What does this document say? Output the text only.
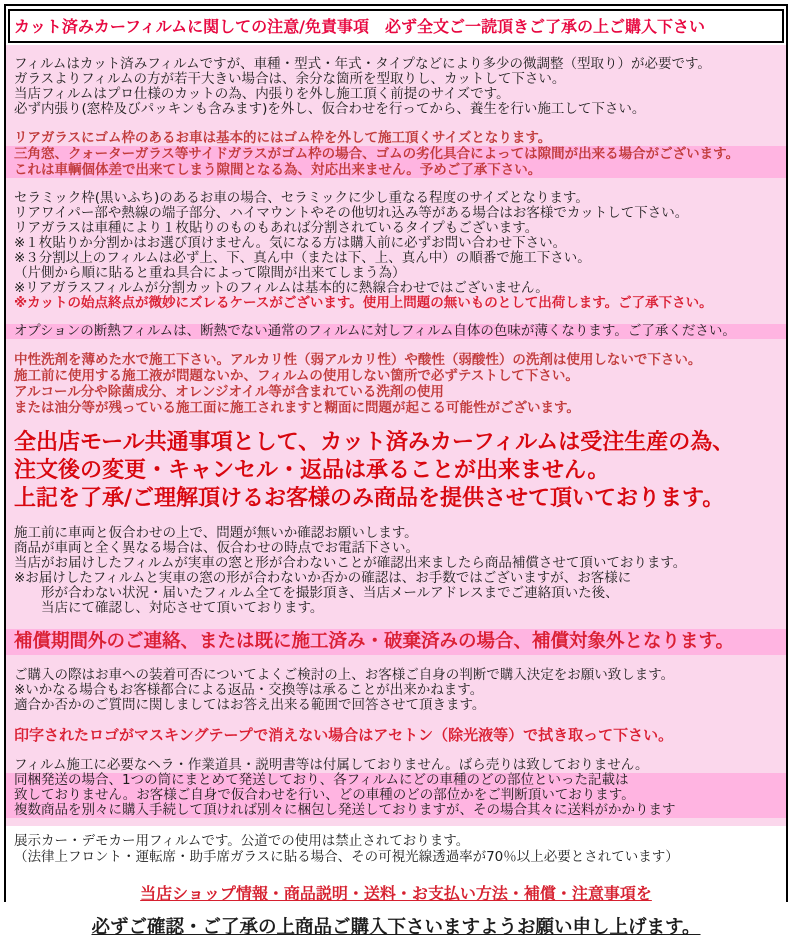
カット済みカーフィルムに関しての注意/免責事項　必ず全文ご一読頂きご了承の上ご購入下さい
フィルムはカット済みフィルムですが、車種・型式・年式・タイプなどにより多少の微調整（型取り）が必要です。
ガラスよりフィルムの方が若干大きい場合は、余分な箇所を型取りし、カットして下さい。
当店フィルムはプロ仕様のカットの為、内張りを外し施工頂く前提のサイズです。
必ず内張り(窓枠及びパッキンも含みます)を外し、仮合わせを行ってから、養生を行い施工して下さい。
リアガラスにゴム枠のあるお車は基本的にはゴム枠を外して施工頂くサイズとなります。
三角窓、クォーターガラス等サイドガラスがゴム枠の場合、ゴムの劣化具合によっては隙間が出来る場合がございます。
これは車輌個体差で出来てしまう隙間となる為、対応出来ません。予めご了承下さい。
セラミック枠(黒いふち)のあるお車の場合、セラミックに少し重なる程度のサイズとなります。
リアワイパー部や熱線の端子部分、ハイマウントやその他切れ込み等がある場合はお客様でカットして下さい。
リアガラスは車種により１枚貼りのものもあれば分割されているタイプもございます。
※１枚貼りか分割かはお選び頂けません。気になる方は購入前に必ずお問い合わせ下さい。
※３分割以上のフィルムは必ず上、下、真ん中（または下、上、真ん中）の順番で施工下さい。
（片側から順に貼ると重ね具合によって隙間が出来てしまう為）
※リアガラスフィルムが分割カットのフィルムは基本的に熱線合わせではございません。
※カットの始点終点が微妙にズレるケースがございます。使用上問題の無いものとして出荷します。ご了承下さい。
オプションの断熱フィルムは、断熱でない通常のフィルムに対しフィルム自体の色味が薄くなります。ご了承ください。
中性洗剤を薄めた水で施工下さい。アルカリ性（弱アルカリ性）や酸性（弱酸性）の洗剤は使用しないで下さい。
施工前に使用する施工液が問題ないか、フィルムの使用しない箇所で必ずテストして下さい。
アルコール分や除菌成分、オレンジオイル等が含まれている洗剤の使用
または油分等が残っている施工面に施工されますと糊面に問題が起こる可能性がございます。
全出店モール共通事項として、カット済みカーフィルムは受注生産の為、
注文後の変更・キャンセル・返品は承ることが出来ません。
上記を了承/ご理解頂けるお客様のみ商品を提供させて頂いております。
施工前に車両と仮合わせの上で、問題が無いか確認お願いします。
商品が車両と全く異なる場合は、仮合わせの時点でお電話下さい。
当店がお届けしたフィルムが実車の窓と形が合わないことが確認出来ましたら商品補償させて頂いております。
※お届けしたフィルムと実車の窓の形が合わないか否かの確認は、お手数ではございますが、お客様に
　　形が合わない状況・届いたフィルム全てを撮影頂き、当店メールアドレスまでご連絡頂いた後、
　　当店にて確認し、対応させて頂いております。
補償期間外のご連絡、または既に施工済み・破棄済みの場合、補償対象外となります。
ご購入の際はお車への装着可否についてよくご検討の上、お客様ご自身の判断で購入決定をお願い致します。
※いかなる場合もお客様都合による返品・交換等は承ることが出来かねます。
適合か否かのご質問に関しましてはお答え出来る範囲で回答させて頂きます。
印字されたロゴがマスキングテープで消えない場合はアセトン（除光液等）で拭き取って下さい。
フィルム施工に必要なヘラ・作業道具・説明書等は付属しておりません。ばら売りは致しておりません。
同梱発送の場合、1つの筒にまとめて発送しており、各フィルムにどの車種のどの部位といった記載は
致しておりません。お客様ご自身で仮合わせを行い、どの車種のどの部位かをご判断頂いております。
複数商品を別々に購入手続して頂ければ別々に梱包し発送しておりますが、その場合其々に送料がかかります
展示カー・デモカー用フィルムです。公道での使用は禁止されております。
（法律上フロント・運転席・助手席ガラスに貼る場合、その可視光線透過率が70％以上必要とされています）
当店ショップ情報・商品説明・送料・お支払い方法・補償・注意事項を
必ずご確認・ご了承の上商品ご購入下さいますようお願い申し上げます。
